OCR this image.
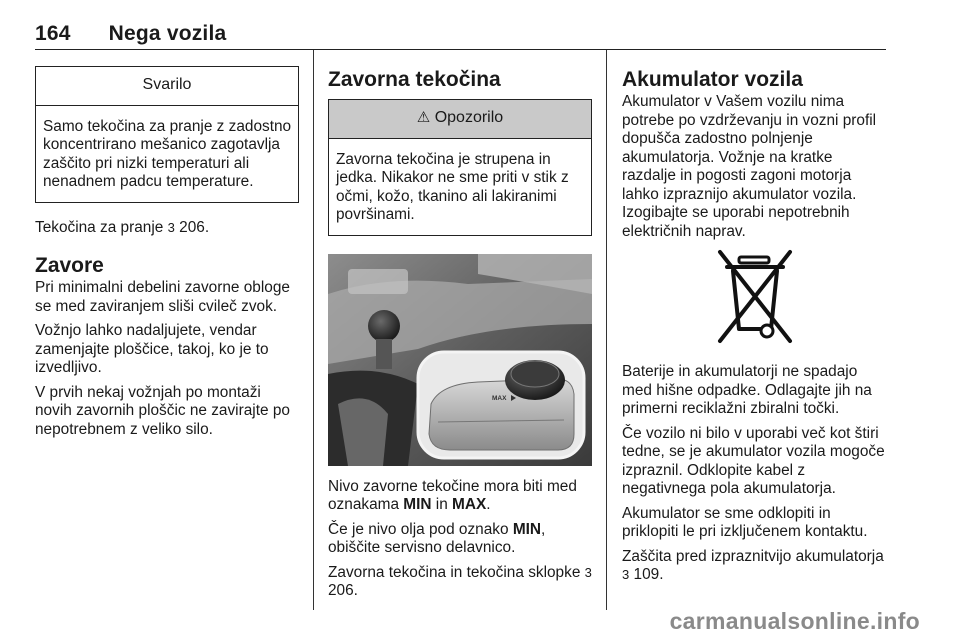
164 Nega vozila
Svarilo
Samo tekočina za pranje z zadostno koncentrirano mešanico zagotavlja zaščito pri nizki temperaturi ali nenadnem padcu temperature.

Tekočina za pranje 3 206.

Zavore

Pri minimalni debelini zavorne obloge se med zaviranjem sliši cvileč zvok.

Vožnjo lahko nadaljujete, vendar zamenjajte ploščice, takoj, ko je to izvedljivo.

V prvih nekaj vožnjah po montaži novih zavornih ploščic ne zavirajte po nepotrebnem z veliko silo.

Zavorna tekočina
⚠ Opozorilo
Zavorna tekočina je strupena in jedka. Nikakor ne sme priti v stik z očmi, kožo, tkanino ali lakiranimi površinami.
MAX

Nivo zavorne tekočine mora biti med oznakama MIN in MAX.

Če je nivo olja pod oznako MIN, obiščite servisno delavnico.

Zavorna tekočina in tekočina sklopke 3 206.

Akumulator vozila

Akumulator v Vašem vozilu nima potrebe po vzdrževanju in vozni profil dopušča zadostno polnjenje akumulatorja. Vožnje na kratke razdalje in pogosti zagoni motorja lahko izpraznijo akumulator vozila. Izogibajte se uporabi nepotrebnih električnih naprav.

Baterije in akumulatorji ne spadajo med hišne odpadke. Odlagajte jih na primerni reciklažni zbiralni točki.

Če vozilo ni bilo v uporabi več kot štiri tedne, se je akumulator vozila mogoče izpraznil. Odklopite kabel z negativnega pola akumulatorja.

Akumulator se sme odklopiti in priklopiti le pri izključenem kontaktu.

Zaščita pred izpraznitvijo akumulatorja 3 109.

carmanualsonline.info
